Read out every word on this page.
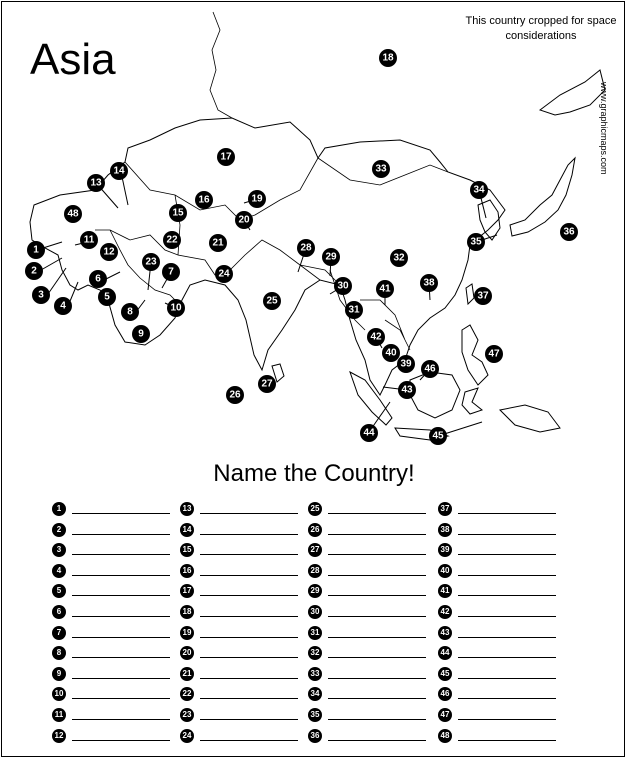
1
2
3
4
5
6
7
8
9
10
11
12
13
14
15
16
17
18
19
20
21
22
23
24
25
26
27
28
29
30
31
32
33
34
35
36
37
38
39
40
41
42
43
44	45
46
47
48
Asia
This country cropped for space considerations
www.graphicmaps.com
Name the Country!
1
2
3
4
5
6
7
8
9
10
11
12
13
14
15
16
17
18
19
20
21
22
23
24
25
26
27
28
29
30
31
32
33
34
35
36
37
38
39
40
41
42
43
44
45
46
47
48
